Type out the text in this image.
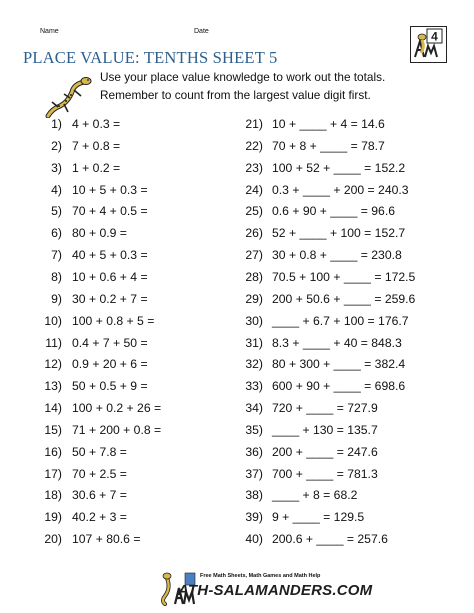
Name	Date
PLACE VALUE: TENTHS SHEET 5
4
Use your place value knowledge to work out the totals.
Remember to count from the largest value digit first.
1) 4 + 0.3 =
2) 7 + 0.8 =
3) 1 + 0.2 =
4) 10 + 5 + 0.3 =
5) 70 + 4 + 0.5 =
6) 80 + 0.9 =
7) 40 + 5 + 0.3 =
8) 10 + 0.6 + 4 =
9) 30 + 0.2 + 7 =
10) 100 + 0.8 + 5 =
11) 0.4 + 7 + 50 =
12) 0.9 + 20 + 6 =
13) 50 + 0.5 + 9 =
14) 100 + 0.2 + 26 =
15) 71 + 200 + 0.8 =
16) 50 + 7.8 =
17) 70 + 2.5 =
18) 30.6 + 7 =
19) 40.2 + 3 =
20) 107 + 80.6 =
21) 10 + ____ + 4 = 14.6
22) 70 + 8 + ____ = 78.7
23) 100 + 52 + ____ = 152.2
24) 0.3 + ____ + 200 = 240.3
25) 0.6 + 90 + ____ = 96.6
26) 52 + ____ + 100 = 152.7
27) 30 + 0.8 + ____ = 230.8
28) 70.5 + 100 + ____ = 172.5
29) 200 + 50.6 + ____ = 259.6
30) ____ + 6.7 + 100 = 176.7
31) 8.3 + ____ + 40 = 848.3
32) 80 + 300 + ____ = 382.4
33) 600 + 90 + ____ = 698.6
34) 720 + ____ = 727.9
35) ____ + 130 = 135.7
36) 200 + ____ = 247.6
37) 700 + ____ = 781.3
38) ____ + 8 = 68.2
39) 9 + ____ = 129.5
40) 200.6 + ____ = 257.6
Free Math Sheets, Math Games and Math Help
ATH-SALAMANDERS.COM
